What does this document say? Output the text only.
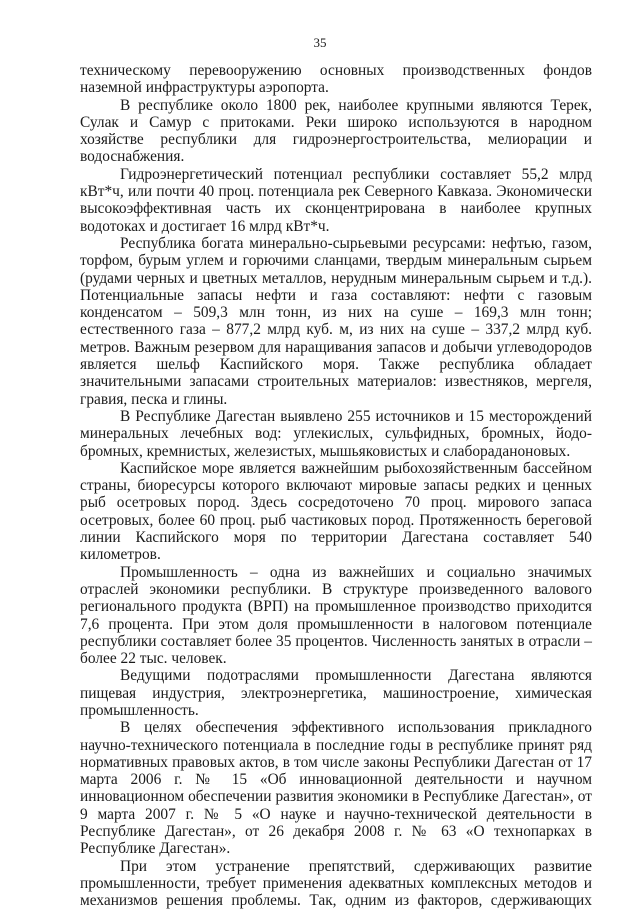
35

техническому перевооружению основных производственных фондов наземной инфраструктуры аэропорта.

В республике около 1800 рек, наиболее крупными являются Терек, Сулак и Самур с притоками. Реки широко используются в народном хозяйстве республики для гидроэнергостроительства, мелиорации и водоснабжения.

Гидроэнергетический потенциал республики составляет 55,2 млрд кВт*ч, или почти 40 проц. потенциала рек Северного Кавказа. Экономически высокоэффективная часть их сконцентрирована в наиболее крупных водотоках и достигает 16 млрд кВт*ч.

Республика богата минерально-сырьевыми ресурсами: нефтью, газом, торфом, бурым углем и горючими сланцами, твердым минеральным сырьем (рудами черных и цветных металлов, нерудным минеральным сырьем и т.д.). Потенциальные запасы нефти и газа составляют: нефти с газовым конденсатом – 509,3 млн тонн, из них на суше – 169,3 млн тонн; естественного газа – 877,2 млрд куб. м, из них на суше – 337,2 млрд куб. метров. Важным резервом для наращивания запасов и добычи углеводородов является шельф Каспийского моря. Также республика обладает значительными запасами строительных материалов: известняков, мергеля, гравия, песка и глины.

В Республике Дагестан выявлено 255 источников и 15 месторождений минеральных лечебных вод: углекислых, сульфидных, бромных, йодо-бромных, кремнистых, железистых, мышьяковистых и слабораданоновых.

Каспийское море является важнейшим рыбохозяйственным бассейном страны, биоресурсы которого включают мировые запасы редких и ценных рыб осетровых пород. Здесь сосредоточено 70 проц. мирового запаса осетровых, более 60 проц. рыб частиковых пород. Протяженность береговой линии Каспийского моря по территории Дагестана составляет 540 километров.

Промышленность – одна из важнейших и социально значимых отраслей экономики республики. В структуре произведенного валового регионального продукта (ВРП) на промышленное производство приходится 7,6 процента. При этом доля промышленности в налоговом потенциале республики составляет более 35 процентов. Численность занятых в отрасли – более 22 тыс. человек.

Ведущими подотраслями промышленности Дагестана являются пищевая индустрия, электроэнергетика, машиностроение, химическая промышленность.

В целях обеспечения эффективного использования прикладного научно-технического потенциала в последние годы в республике принят ряд нормативных правовых актов, в том числе законы Республики Дагестан от 17 марта 2006 г. № 15 «Об инновационной деятельности и научном инновационном обеспечении развития экономики в Республике Дагестан», от 9 марта 2007 г. № 5 «О науке и научно-технической деятельности в Республике Дагестан», от 26 декабря 2008 г. № 63 «О технопарках в Республике Дагестан».

При этом устранение препятствий, сдерживающих развитие промышленности, требует применения адекватных комплексных методов и механизмов решения проблемы. Так, одним из факторов, сдерживающих
